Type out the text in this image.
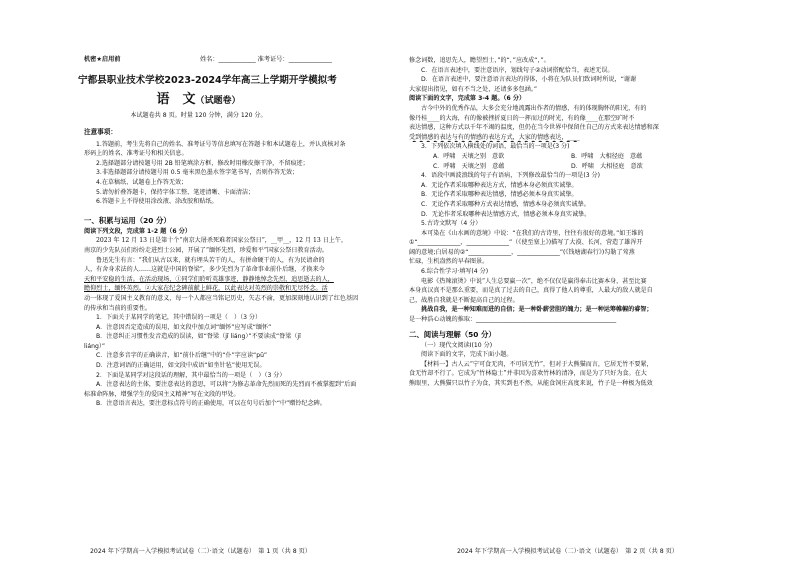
机密★启用前	姓名：____________ 准考证号：______________
宁都县职业技术学校2023-2024学年高三上学期开学模拟考
语　文（试题卷）
本试题卷共 8 页。时量 120 分钟，满分 120 分。
注意事项：
1.答题前，考生先将自己的姓名、准考证号等信息填写在答题卡和本试题卷上，并认真核对条
形码上的姓名、准考证号和相关信息。
2.选择题部分请按题号用 2B 铅笔填涂方框，修改时用橡皮擦干净，不留痕迹；
3.非选择题部分请按题号用 0.5 毫米黑色墨水签字笔书写，否则作答无效；
4.在草稿纸、试题卷上作答无效；
5.请勿折叠答题卡，保持字体工整、笔迹清晰、卡面清洁；
6.答题卡上不得使用涂改液、涂改胶和贴纸。
一、积累与运用（20 分）
阅读下列文段，完成第 1-2 题（6 分）
2023 年 12 月 13 日是第十个“南京大屠杀死难者国家公祭日”，__甲__，12 月 13 日上午，
南京的少先队员们纷纷走进烈士公园，开展了“缅怀先烈，珍爱和平”国家公祭日教育活动。
鲁迅先生有言：“我们从古以来，就有埋头苦干的人，有拼命硬干的人，有为民请命的
人，有舍身求法的人……这就是中国的脊梁”，多少先烈为了革命事业前仆后继，才换来今
天和平安稳的生活。在活动现场，①同学们聆听英雄事迹，静静地悼念先烈，追思逝去的人，
瞻仰烈士，缅怀英烈。②大家在纪念碑前献上鲜花，以此表达对英烈的崇敬和无尽怀念。活
动一体现了爱国主义教育的意义，每一个人都应当铭记历史，矢志不渝，更加深刻地认识到了红色基因
的传承和当前的重要性。
1．下面关于某同学的笔记，其中错误的一项是（　）（3 分）
A．注意因否定造成的误用，如文段中加点词“缅怀”应写成“缅怀”
B．注意纠正习惯性发音造成的误读，如“脊梁（jǐ liáng）”不要读成“脊梁（jǐ
liáng）”
C．注意多音字的正确读音，如“前仆后继”中的“仆”字应读“pū”
D．注意词语的正确运用，如文段中成语“如坐针毡”使用无误。
2．下面是某同学对这段话的理解，其中最恰当的一项是（　）（3 分）
A．注意表达的主体，要注意表达的意思，可以将“为修志革命先烈而死的先烈而不被掌握到”后面
标准命阵脉，增强学生的爱国主义精神”写在文段的甲处。
B．注意语言表达，要注意标点符号的正确使用，可以在句号后加个“中”赠铃纪念碑。
2024 年下学期高一入学模拟考试试卷（二）·语文（试题卷）　第 1 页（共 8 页）
修念词数，追思先人，瞻望烈士，”的“，”应改成“，”。
C．在语言表述中，要注意语序，划线句子②动词搭配恰当，表述无误。
D．在语言表述中，要注意语言表达的得体，小将在为队员们致词时所说，“谢谢
大家提出指见，如有不当之处，还请多多包涵。”
阅读下面的文字，完成第 3-4 题。（6 分）
古今中外的优秀作品，大多会充分地流露出作者的情感，有的体现胸怀的阳光，有的
像丹桂____的大海，有的像被挫折夏日的一挥而过的时光，有的像____在那空旷时不
表达情感，这种方式以千年不竭的温度，但仍在当今世界中保留住自己的方式来表达情感和深
受到情感的表达与有的情感的表达方式，大家的情感表达，____
3．下列依次填入横线处的词语，最恰当的一项是(3 分)
A．呼啸　天壤之别　意欲	B．呼啸　大相径庭　意蕴
C．呼啸　天壤之别　意蕴	D．呼啸　大相径庭　意欲
4．语段中画波浪线的句子有语病，下列修改最恰当的一项是(3 分)
A．无论作者采取哪种表达方式，情感本身必须真实诚挚。
B．无论作者采取哪种表达情感，情感必须本身真实诚挚。
C．无论作者采取哪种方式表达情感，情感本身必须真实诚挚。
D．无论作者采取哪种表达情感方式，情感必须本身真实诚挚。
5.古诗文默写（4 分）
本可染在《山水画的意境》中说：“在我们的古诗里，往往有很好的意境。”如王维的
①“______________，______________”（《使至塞上》)描写了大漠、长河，营造了雄浑开
阔的意境;白居易的②“______________，______________”(《钱塘湖春行》)勾勒了莺燕
忙碌，生机盎然的早春图景。
6.综合性学习·填写(4 分)
电影《热辣滚烫》中说“人生总要赢一次”，绝不仅仅是赢得奉击比赛本身，甚至比赛
本身真汉真不是那么重要，而是真了过去的自己，真得了他人的尊重，人最大的敌人就是自
己，战胜自我就是不断提高自己的过程。
挑战自我，是一种知难而进的自信；是一种卧薪尝胆的魄力；是一种运筹帷幄的睿智；
是一种浩心动魄的推取：______________________________________________
二、阅读与理解（50 分）
（一）现代文阅读Ⅰ(10 分)
阅读下面的文字，完成下面小题。
【材料一】古人云“宁可食无肉，不可居无竹”，但对于大熊猫而言，它居无竹不要紧，
食无竹却不行了。它成为“竹林隐士”并非因为喜欢竹林的清净，而是为了只好为食。在大
熊眼里，大熊猫只以竹子为食，其实到也不然，从能食饲庄高度来说，竹子是一种极为低效
2024 年下学期高一入学模拟考试试卷（二）·语文（试题卷）　第 2 页（共 8 页）
